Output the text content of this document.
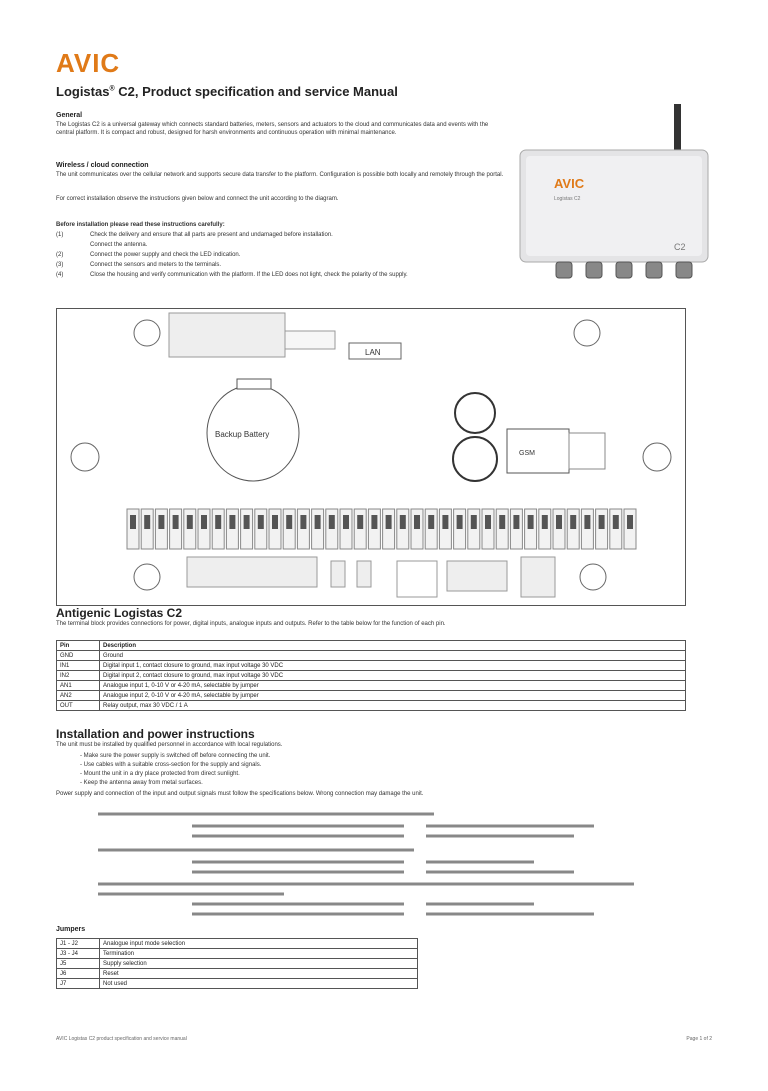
AVIC
Logistas® C2, Product specification and service Manual
General
The Logistas C2 is a universal gateway which connects standard batteries, meters, sensors and actuators to the cloud and communicates data and events with the central platform. It is compact and robust, designed for harsh environments and continuous operation with minimal maintenance.
Wireless / cloud connection
The unit communicates over the cellular network and supports secure data transfer to the platform. Configuration is possible both locally and remotely through the portal.
For correct installation observe the instructions given below and connect the unit according to the diagram.
Before installation please read these instructions carefully:
(1)	Check the delivery and ensure that all parts are present and undamaged before installation.
Connect the antenna.
(2)	Connect the power supply and check the LED indication.
(3)	Connect the sensors and meters to the terminals.
(4)	Close the housing and verify communication with the platform. If the LED does not light, check the polarity of the supply.
AVIC
Logistas C2
C2
LAN
Backup Battery
GSM
Antigenic Logistas C2
The terminal block provides connections for power, digital inputs, analogue inputs and outputs. Refer to the table below for the function of each pin.
Pin	Description
GND	Ground
IN1	Digital input 1, contact closure to ground, max input voltage 30 VDC
IN2	Digital input 2, contact closure to ground, max input voltage 30 VDC
AN1	Analogue input 1, 0-10 V or 4-20 mA, selectable by jumper
AN2	Analogue input 2, 0-10 V or 4-20 mA, selectable by jumper
OUT	Relay output, max 30 VDC / 1 A
Installation and power instructions
The unit must be installed by qualified personnel in accordance with local regulations.
- Make sure the power supply is switched off before connecting the unit.
- Use cables with a suitable cross-section for the supply and signals.
- Mount the unit in a dry place protected from direct sunlight.
- Keep the antenna away from metal surfaces.
Power supply and connection of the input and output signals must follow the specifications below. Wrong connection may damage the unit.
Jumpers
J1 - J2	Analogue input mode selection
J3 - J4	Termination
J5	Supply selection
J6	Reset
J7	Not used
AVIC Logistas C2 product specification and service manual	Page 1 of 2
